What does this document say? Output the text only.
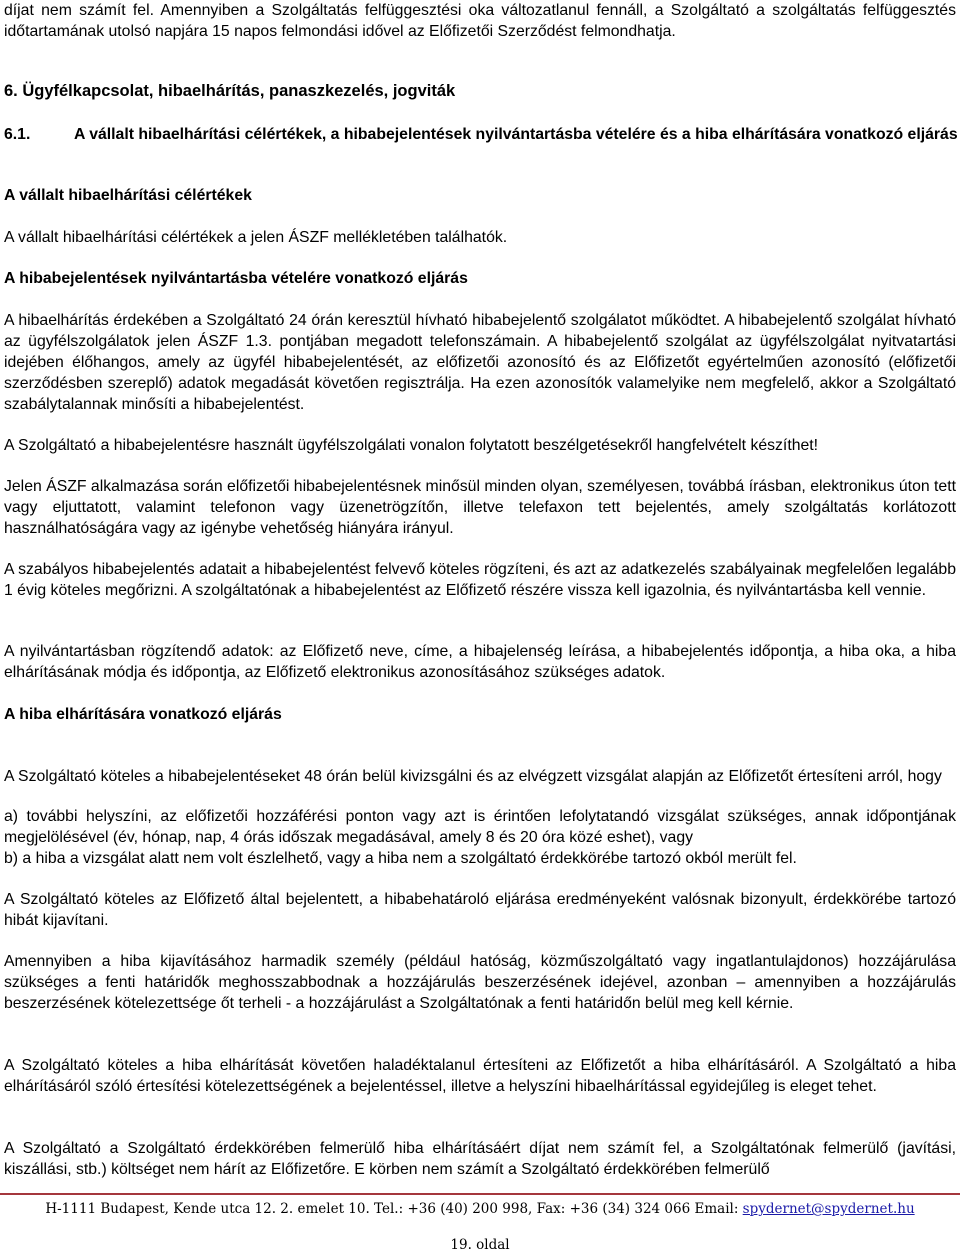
díjat nem számít fel. Amennyiben a Szolgáltatás felfüggesztési oka változatlanul fennáll, a Szolgáltató a szolgáltatás felfüggesztés időtartamának utolsó napjára 15 napos felmondási idővel az Előfizetői Szerződést felmondhatja.

6. Ügyfélkapcsolat, hibaelhárítás, panaszkezelés, jogviták
6.1.	A vállalt hibaelhárítási célértékek, a hibabejelentések nyilvántartásba vételére és a hiba elhárítására vonatkozó eljárás
A vállalt hibaelhárítási célértékek

A vállalt hibaelhárítási célértékek a jelen ÁSZF mellékletében találhatók.

A hibabejelentések nyilvántartásba vételére vonatkozó eljárás

A hibaelhárítás érdekében a Szolgáltató 24 órán keresztül hívható hibabejelentő szolgálatot működtet. A hibabejelentő szolgálat hívható az ügyfélszolgálatok jelen ÁSZF 1.3. pontjában megadott telefonszámain. A hibabejelentő szolgálat az ügyfélszolgálat nyitvatartási idejében élőhangos, amely az ügyfél hibabejelentését, az előfizetői azonosító és az Előfizetőt egyértelműen azonosító (előfizetői szerződésben szereplő) adatok megadását követően regisztrálja. Ha ezen azonosítók valamelyike nem megfelelő, akkor a Szolgáltató szabálytalannak minősíti a hibabejelentést.

A Szolgáltató a hibabejelentésre használt ügyfélszolgálati vonalon folytatott beszélgetésekről hangfelvételt készíthet!

Jelen ÁSZF alkalmazása során előfizetői hibabejelentésnek minősül minden olyan, személyesen, továbbá írásban, elektronikus úton tett vagy eljuttatott, valamint telefonon vagy üzenetrögzítőn, illetve telefaxon tett bejelentés, amely szolgáltatás korlátozott használhatóságára vagy az igénybe vehetőség hiányára irányul.

A szabályos hibabejelentés adatait a hibabejelentést felvevő köteles rögzíteni, és azt az adatkezelés szabályainak megfelelően legalább 1 évig köteles megőrizni. A szolgáltatónak a hibabejelentést az Előfizető részére vissza kell igazolnia, és nyilvántartásba kell vennie.

A nyilvántartásban rögzítendő adatok: az Előfizető neve, címe, a hibajelenség leírása, a hibabejelentés időpontja, a hiba oka, a hiba elhárításának módja és időpontja, az Előfizető elektronikus azonosításához szükséges adatok.

A hiba elhárítására vonatkozó eljárás

A Szolgáltató köteles a hibabejelentéseket 48 órán belül kivizsgálni és az elvégzett vizsgálat alapján az Előfizetőt értesíteni arról, hogy

a) további helyszíni, az előfizetői hozzáférési ponton vagy azt is érintően lefolytatandó vizsgálat szükséges, annak időpontjának megjelölésével (év, hónap, nap, 4 órás időszak megadásával, amely 8 és 20 óra közé eshet), vagy

b) a hiba a vizsgálat alatt nem volt észlelhető, vagy a hiba nem a szolgáltató érdekkörébe tartozó okból merült fel.

A Szolgáltató köteles az Előfizető által bejelentett, a hibabehatároló eljárása eredményeként valósnak bizonyult, érdekkörébe tartozó hibát kijavítani.

Amennyiben a hiba kijavításához harmadik személy (például hatóság, közműszolgáltató vagy ingatlantulajdonos) hozzájárulása szükséges a fenti határidők meghosszabbodnak a hozzájárulás beszerzésének idejével, azonban – amennyiben a hozzájárulás beszerzésének kötelezettsége őt terheli - a hozzájárulást a Szolgáltatónak a fenti határidőn belül meg kell kérnie.

A Szolgáltató köteles a hiba elhárítását követően haladéktalanul értesíteni az Előfizetőt a hiba elhárításáról. A Szolgáltató a hiba elhárításáról szóló értesítési kötelezettségének a bejelentéssel, illetve a helyszíni hibaelhárítással egyidejűleg is eleget tehet.

A Szolgáltató a Szolgáltató érdekkörében felmerülő hiba elhárításáért díjat nem számít fel, a Szolgáltatónak felmerülő (javítási, kiszállási, stb.) költséget nem hárít az Előfizetőre. E körben nem számít a Szolgáltató érdekkörében felmerülő

H-1111 Budapest, Kende utca 12. 2. emelet 10. Tel.: +36 (40) 200 998, Fax: +36 (34) 324 066 Email: spydernet@spydernet.hu
19. oldal
